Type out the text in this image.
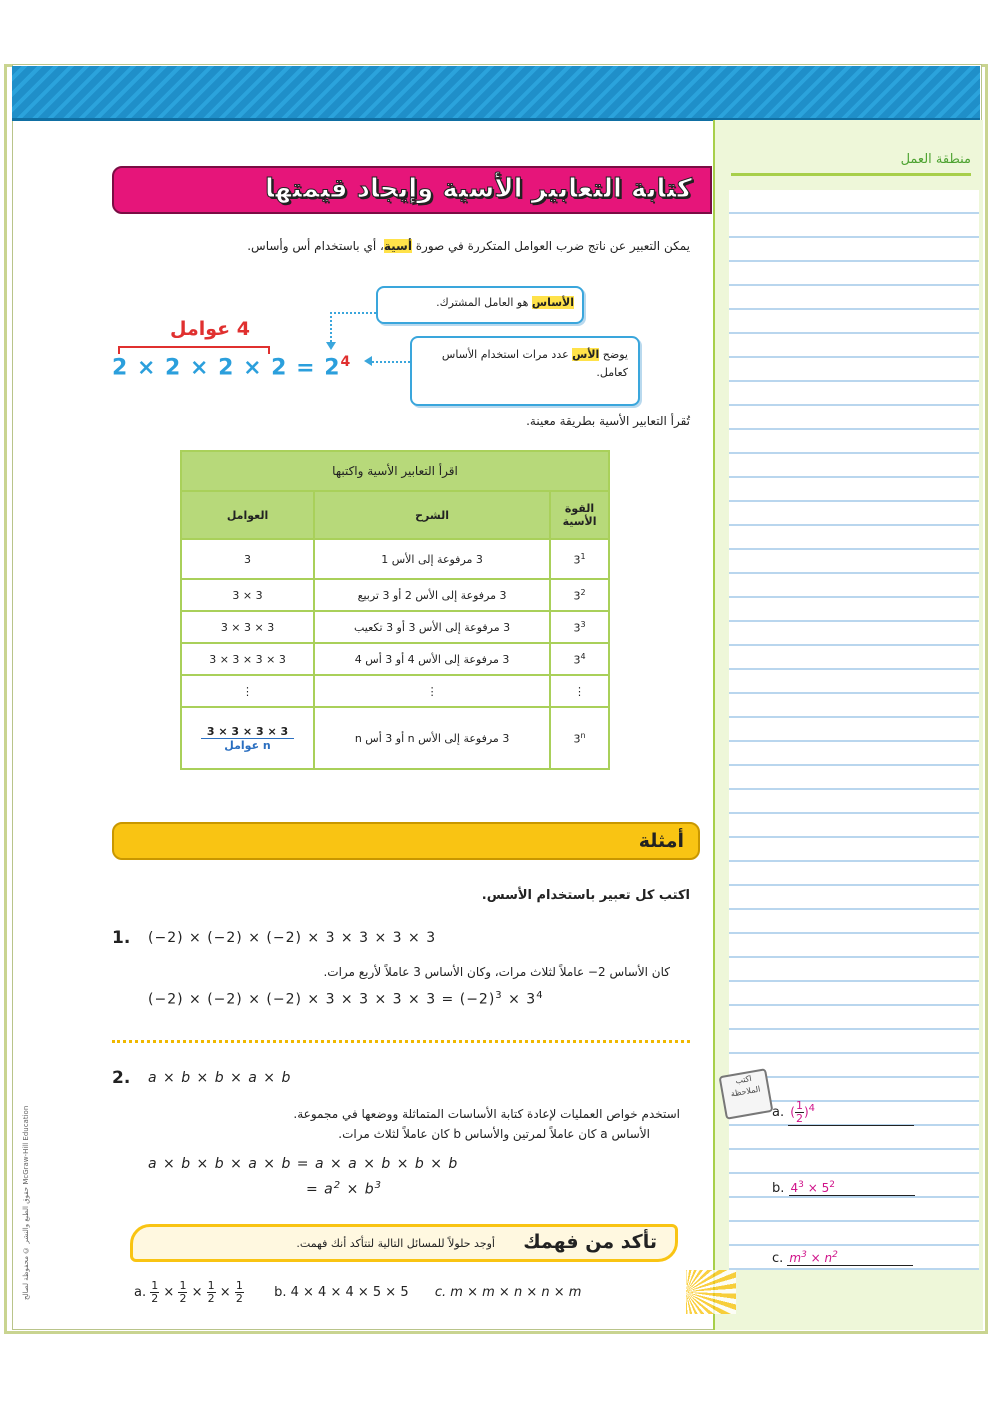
منطقة العمل
كتابة التعابير الأسية وإيجاد قيمتها
يمكن التعبير عن ناتج ضرب العوامل المتكررة في صورة أسية، أي باستخدام أس وأساس.
الأساس هو العامل المشترك.
يوضح الأس عدد مرات استخدام الأساس كعامل.
4 عوامل
$2 \times 2 \times 2 \times 2 = 2^4$
تُقرأ التعابير الأسية بطريقة معينة.
اقرأ التعابير الأسية واكتبها		
القوة الأسية	الشرح	العوامل
$3^1$	3 مرفوعة إلى الأس 1	3
$3^2$	3 مرفوعة إلى الأس 2 أو 3 تربيع	3 × 3
$3^3$	3 مرفوعة إلى الأس 3 أو 3 تكعيب	3 × 3 × 3
$3^4$	3 مرفوعة إلى الأس 4 أو 3 أس 4	3 × 3 × 3 × 3
⋮	⋮	⋮
3$^n$	3 مرفوعة إلى الأس n أو 3 أس n	3 × 3 × 3 × 3
n عوامل
أمثلة
اكتب كل تعبير باستخدام الأسس.
1. (−2) × (−2) × (−2) × 3 × 3 × 3 × 3
كان الأساس 2− عاملاً لثلاث مرات، وكان الأساس 3 عاملاً لأربع مرات.
$(-2) \times (-2) \times (-2) \times 3 \times 3 \times 3 \times 3 = (-2)^3 \times 3^4$
2. a × b × b × a × b
استخدم خواص العمليات لإعادة كتابة الأساسات المتماثلة ووضعها في مجموعة.
الأساس a كان عاملاً لمرتين والأساس b كان عاملاً لثلاث مرات.
a × b × b × a × b = a × a × b × b × b
= $a^2 \times b^3$
تأكد من فهمك
أوجد حلولاً للمسائل التالية لتتأكد أنك فهمت.
a. $\frac{1}{2} \times \frac{1}{2} \times \frac{1}{2} \times \frac{1}{2} b$. 4 × 4 × 4 × 5 × 5 c. m × m × n × n × m
اكتب الملاحظة
a. ( $\frac{1}{2})^4$
b. $4^3 \times 5^2$
c. $m^3 \times n^2$
حقوق الطبع والنشر © محفوظة لصالح McGraw-Hill Education
